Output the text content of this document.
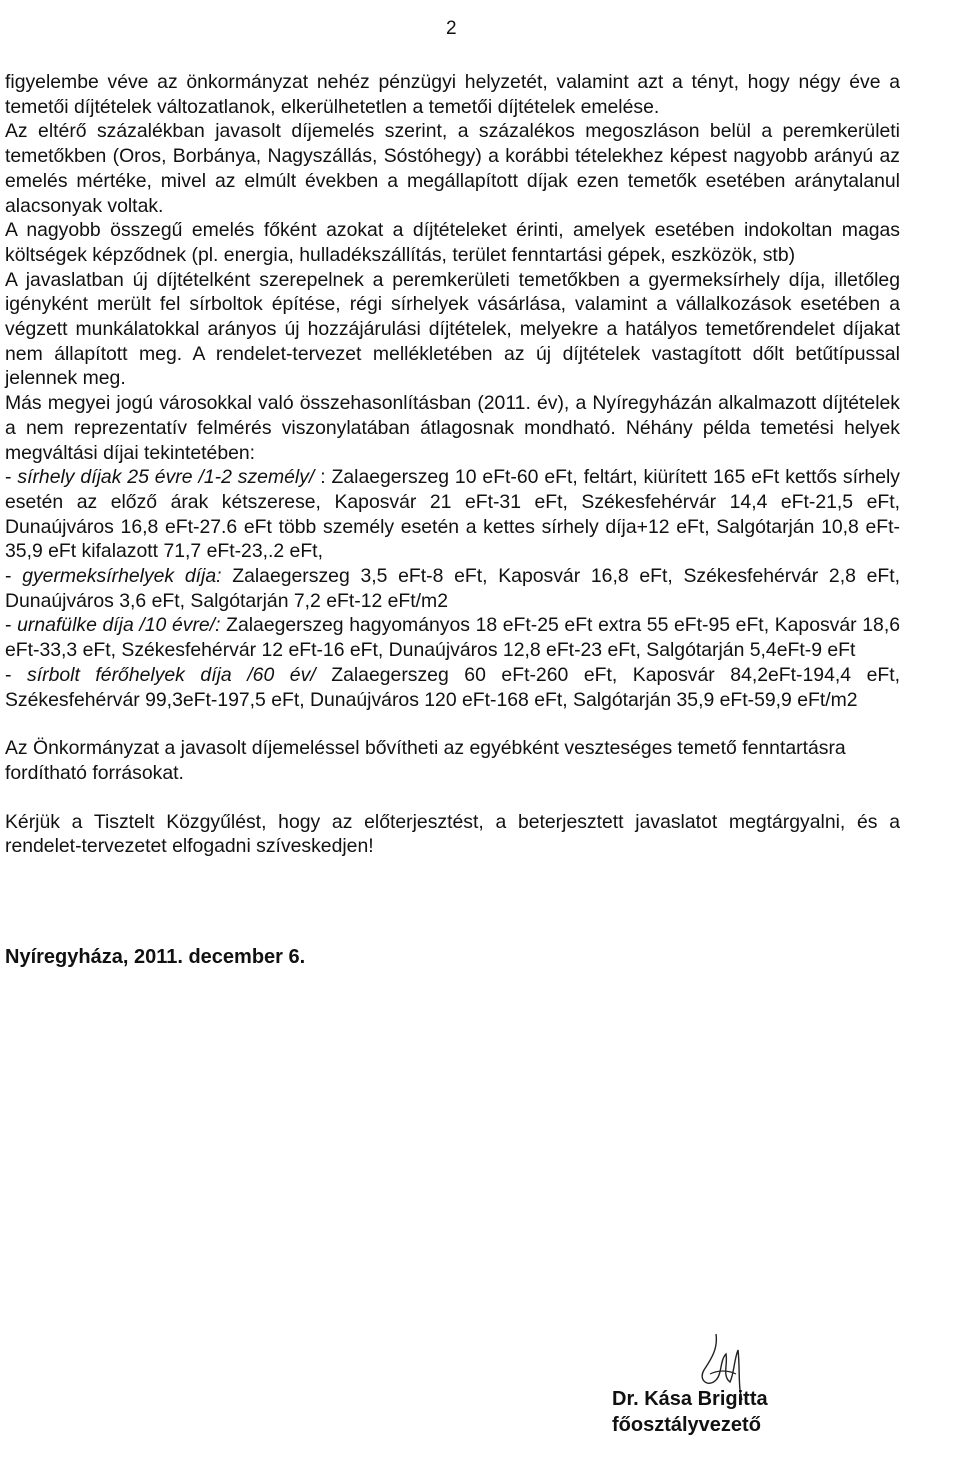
2

figyelembe véve az önkormányzat nehéz pénzügyi helyzetét, valamint azt a tényt, hogy négy éve a temetői díjtételek változatlanok, elkerülhetetlen a temetői díjtételek emelése.

Az eltérő százalékban javasolt díjemelés szerint, a százalékos megoszláson belül a peremkerületi temetőkben (Oros, Borbánya, Nagyszállás, Sóstóhegy) a korábbi tételekhez képest nagyobb arányú az emelés mértéke, mivel az elmúlt években a megállapított díjak ezen temetők esetében aránytalanul alacsonyak voltak.

A nagyobb összegű emelés főként azokat a díjtételeket érinti, amelyek esetében indokoltan magas költségek képződnek (pl. energia, hulladékszállítás, terület fenntartási gépek, eszközök, stb)

A javaslatban új díjtételként szerepelnek a peremkerületi temetőkben a gyermeksírhely díja, illetőleg igényként merült fel sírboltok építése, régi sírhelyek vásárlása, valamint a vállalkozások esetében a végzett munkálatokkal arányos új hozzájárulási díjtételek, melyekre a hatályos temetőrendelet díjakat nem állapított meg. A rendelet-tervezet mellékletében az új díjtételek vastagított dőlt betűtípussal jelennek meg.

Más megyei jogú városokkal való összehasonlításban (2011. év), a Nyíregyházán alkalmazott díjtételek a nem reprezentatív felmérés viszonylatában átlagosnak mondható. Néhány példa temetési helyek megváltási díjai tekintetében:

- sírhely díjak 25 évre /1-2 személy/ : Zalaegerszeg 10 eFt-60 eFt, feltárt, kiürített 165 eFt kettős sírhely esetén az előző árak kétszerese, Kaposvár 21 eFt-31 eFt, Székesfehérvár 14,4 eFt-21,5 eFt, Dunaújváros 16,8 eFt-27.6 eFt több személy esetén a kettes sírhely díja+12 eFt, Salgótarján 10,8 eFt-35,9 eFt kifalazott 71,7 eFt-23,.2 eFt,

- gyermeksírhelyek díja: Zalaegerszeg 3,5 eFt-8 eFt, Kaposvár 16,8 eFt, Székesfehérvár 2,8 eFt, Dunaújváros 3,6 eFt, Salgótarján 7,2 eFt-12 eFt/m2

- urnafülke díja /10 évre/: Zalaegerszeg hagyományos 18 eFt-25 eFt extra 55 eFt-95 eFt, Kaposvár 18,6 eFt-33,3 eFt, Székesfehérvár 12 eFt-16 eFt, Dunaújváros 12,8 eFt-23 eFt, Salgótarján 5,4eFt-9 eFt

- sírbolt férőhelyek díja /60 év/ Zalaegerszeg 60 eFt-260 eFt, Kaposvár 84,2eFt-194,4 eFt, Székesfehérvár 99,3eFt-197,5 eFt, Dunaújváros 120 eFt-168 eFt, Salgótarján 35,9 eFt-59,9 eFt/m2

Az Önkormányzat a javasolt díjemeléssel bővítheti az egyébként veszteséges temető fenntartásra fordítható forrásokat.

Kérjük a Tisztelt Közgyűlést, hogy az előterjesztést, a beterjesztett javaslatot megtárgyalni, és a rendelet-tervezetet elfogadni szíveskedjen!

Nyíregyháza, 2011. december 6.

Dr. Kása Brigitta
főosztályvezető
